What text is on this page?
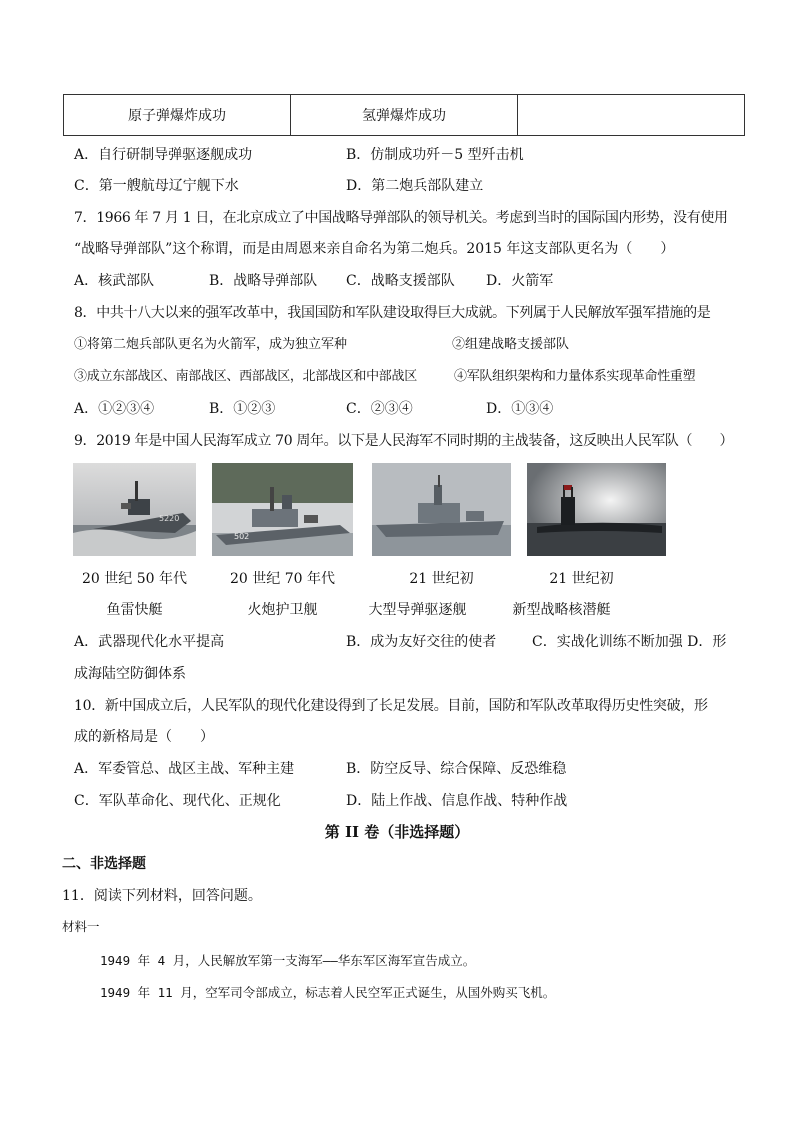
原子弹爆炸成功	氢弹爆炸成功	
A．自行研制导弹驱逐舰成功	B．仿制成功歼－5 型歼击机
C．第一艘航母辽宁舰下水	D．第二炮兵部队建立
7．1966 年 7 月 1 日，在北京成立了中国战略导弹部队的领导机关。考虑到当时的国际国内形势，没有使用
“战略导弹部队”这个称谓，而是由周恩来亲自命名为第二炮兵。2015 年这支部队更名为（　　）
A．核武部队	B．战略导弹部队 C．战略支援部队 D．火箭军
8．中共十八大以来的强军改革中，我国国防和军队建设取得巨大成就。下列属于人民解放军强军措施的是
①将第二炮兵部队更名为火箭军，成为独立军种	②组建战略支援部队
③成立东部战区、南部战区、西部战区，北部战区和中部战区	④军队组织架构和力量体系实现革命性重塑
A．①②③④	B．①②③	C．②③④	D．①③④
9．2019 年是中国人民海军成立 70 周年。以下是人民海军不同时期的主战装备，这反映出人民军队（　　）
5220
502
20 世纪 50 年代	20 世纪 70 年代	21 世纪初	21 世纪初
鱼雷快艇	火炮护卫舰	大型导弹驱逐舰	新型战略核潜艇
A．武器现代化水平提高	B．成为友好交往的使者	C．实战化训练不断加强 D．形
成海陆空防御体系
10．新中国成立后，人民军队的现代化建设得到了长足发展。目前，国防和军队改革取得历史性突破，形
成的新格局是（　　）
A．军委管总、战区主战、军种主建	B．防空反导、综合保障、反恐维稳
C．军队革命化、现代化、正规化	D．陆上作战、信息作战、特种作战
第 II 卷（非选择题）
二、非选择题
11．阅读下列材料，回答问题。
材料一
1949 年 4 月，人民解放军第一支海军——华东军区海军宣告成立。
1949 年 11 月，空军司令部成立，标志着人民空军正式诞生，从国外购买飞机。
